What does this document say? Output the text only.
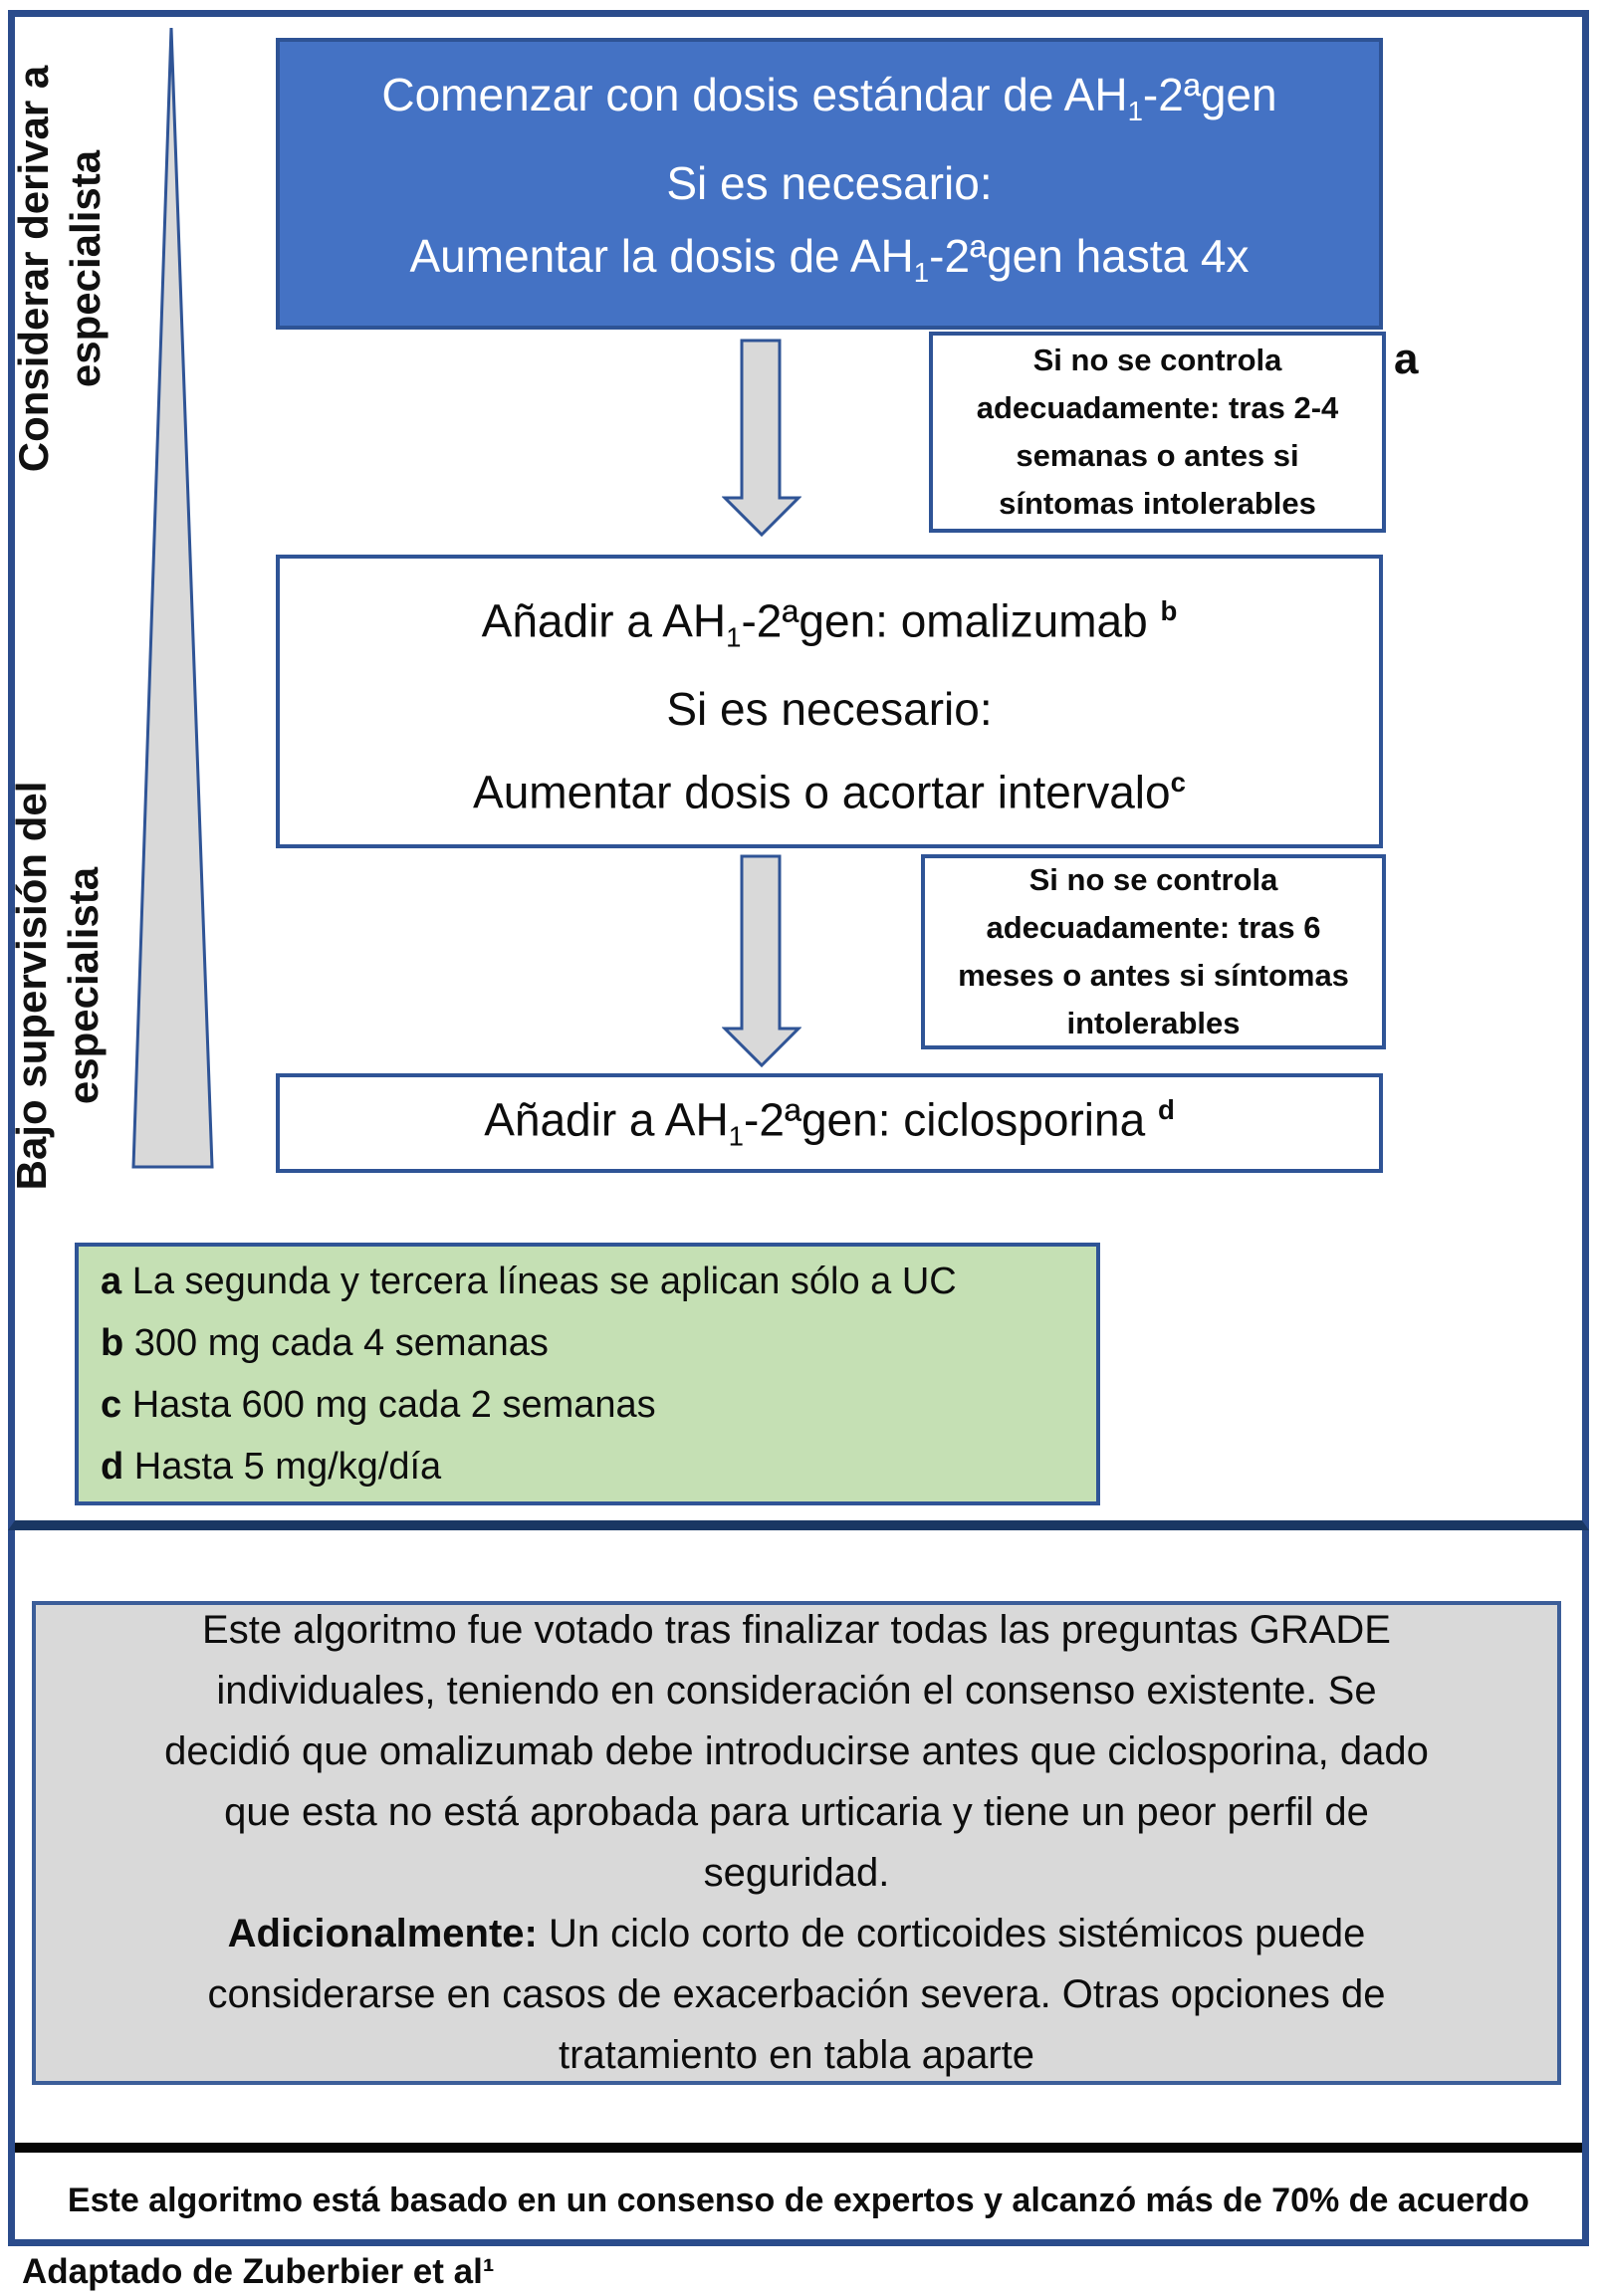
Considerar derivar a especialista
Bajo supervisión del especialista
Comenzar con dosis estándar de $AH_1-2ªgen$
Si es necesario:
Aumentar la dosis de $AH_1-2ªgen$ hasta 4x
Si no se controla
adecuadamente: tras 2-4
semanas o antes si
síntomas intolerables
a
Añadir a $AH_1-2ªgen$: omalizumab $^b$
Si es necesario:
Aumentar dosis o acortar intervalo$^c$
Si no se controla
adecuadamente: tras 6
meses o antes si síntomas
intolerables
Añadir a $AH_1-2ªgen$: ciclosporina $^d$
a La segunda y tercera líneas se aplican sólo a UC
b 300 mg cada 4 semanas
c Hasta 600 mg cada 2 semanas
d Hasta 5 mg/kg/día
Este algoritmo fue votado tras finalizar todas las preguntas GRADE
individuales, teniendo en consideración el consenso existente. Se
decidió que omalizumab debe introducirse antes que ciclosporina, dado
que esta no está aprobada para urticaria y tiene un peor perfil de
seguridad.
Adicionalmente: Un ciclo corto de corticoides sistémicos puede
considerarse en casos de exacerbación severa. Otras opciones de
tratamiento en tabla aparte
Este algoritmo está basado en un consenso de expertos y alcanzó más de 70% de acuerdo
Adaptado de Zuberbier et al¹
